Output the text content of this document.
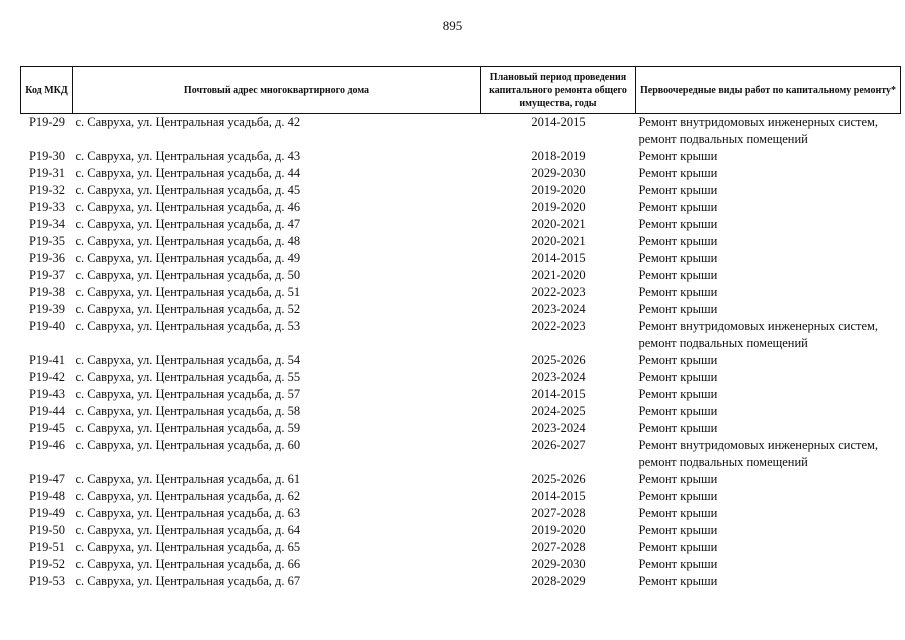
895
Код МКД	Почтовый адрес многоквартирного дома	Плановый период проведения капитального ремонта общего имущества, годы	Первоочередные виды работ по капитальному ремонту*
Р19-29	с. Савруха, ул. Центральная усадьба, д. 42	2014-2015	Ремонт внутридомовых инженерных систем, ремонт подвальных помещений
Р19-30	с. Савруха, ул. Центральная усадьба, д. 43	2018-2019	Ремонт крыши
Р19-31	с. Савруха, ул. Центральная усадьба, д. 44	2029-2030	Ремонт крыши
Р19-32	с. Савруха, ул. Центральная усадьба, д. 45	2019-2020	Ремонт крыши
Р19-33	с. Савруха, ул. Центральная усадьба, д. 46	2019-2020	Ремонт крыши
Р19-34	с. Савруха, ул. Центральная усадьба, д. 47	2020-2021	Ремонт крыши
Р19-35	с. Савруха, ул. Центральная усадьба, д. 48	2020-2021	Ремонт крыши
Р19-36	с. Савруха, ул. Центральная усадьба, д. 49	2014-2015	Ремонт крыши
Р19-37	с. Савруха, ул. Центральная усадьба, д. 50	2021-2020	Ремонт крыши
Р19-38	с. Савруха, ул. Центральная усадьба, д. 51	2022-2023	Ремонт крыши
Р19-39	с. Савруха, ул. Центральная усадьба, д. 52	2023-2024	Ремонт крыши
Р19-40	с. Савруха, ул. Центральная усадьба, д. 53	2022-2023	Ремонт внутридомовых инженерных систем, ремонт подвальных помещений
Р19-41	с. Савруха, ул. Центральная усадьба, д. 54	2025-2026	Ремонт крыши
Р19-42	с. Савруха, ул. Центральная усадьба, д. 55	2023-2024	Ремонт крыши
Р19-43	с. Савруха, ул. Центральная усадьба, д. 57	2014-2015	Ремонт крыши
Р19-44	с. Савруха, ул. Центральная усадьба, д. 58	2024-2025	Ремонт крыши
Р19-45	с. Савруха, ул. Центральная усадьба, д. 59	2023-2024	Ремонт крыши
Р19-46	с. Савруха, ул. Центральная усадьба, д. 60	2026-2027	Ремонт внутридомовых инженерных систем, ремонт подвальных помещений
Р19-47	с. Савруха, ул. Центральная усадьба, д. 61	2025-2026	Ремонт крыши
Р19-48	с. Савруха, ул. Центральная усадьба, д. 62	2014-2015	Ремонт крыши
Р19-49	с. Савруха, ул. Центральная усадьба, д. 63	2027-2028	Ремонт крыши
Р19-50	с. Савруха, ул. Центральная усадьба, д. 64	2019-2020	Ремонт крыши
Р19-51	с. Савруха, ул. Центральная усадьба, д. 65	2027-2028	Ремонт крыши
Р19-52	с. Савруха, ул. Центральная усадьба, д. 66	2029-2030	Ремонт крыши
Р19-53	с. Савруха, ул. Центральная усадьба, д. 67	2028-2029	Ремонт крыши
